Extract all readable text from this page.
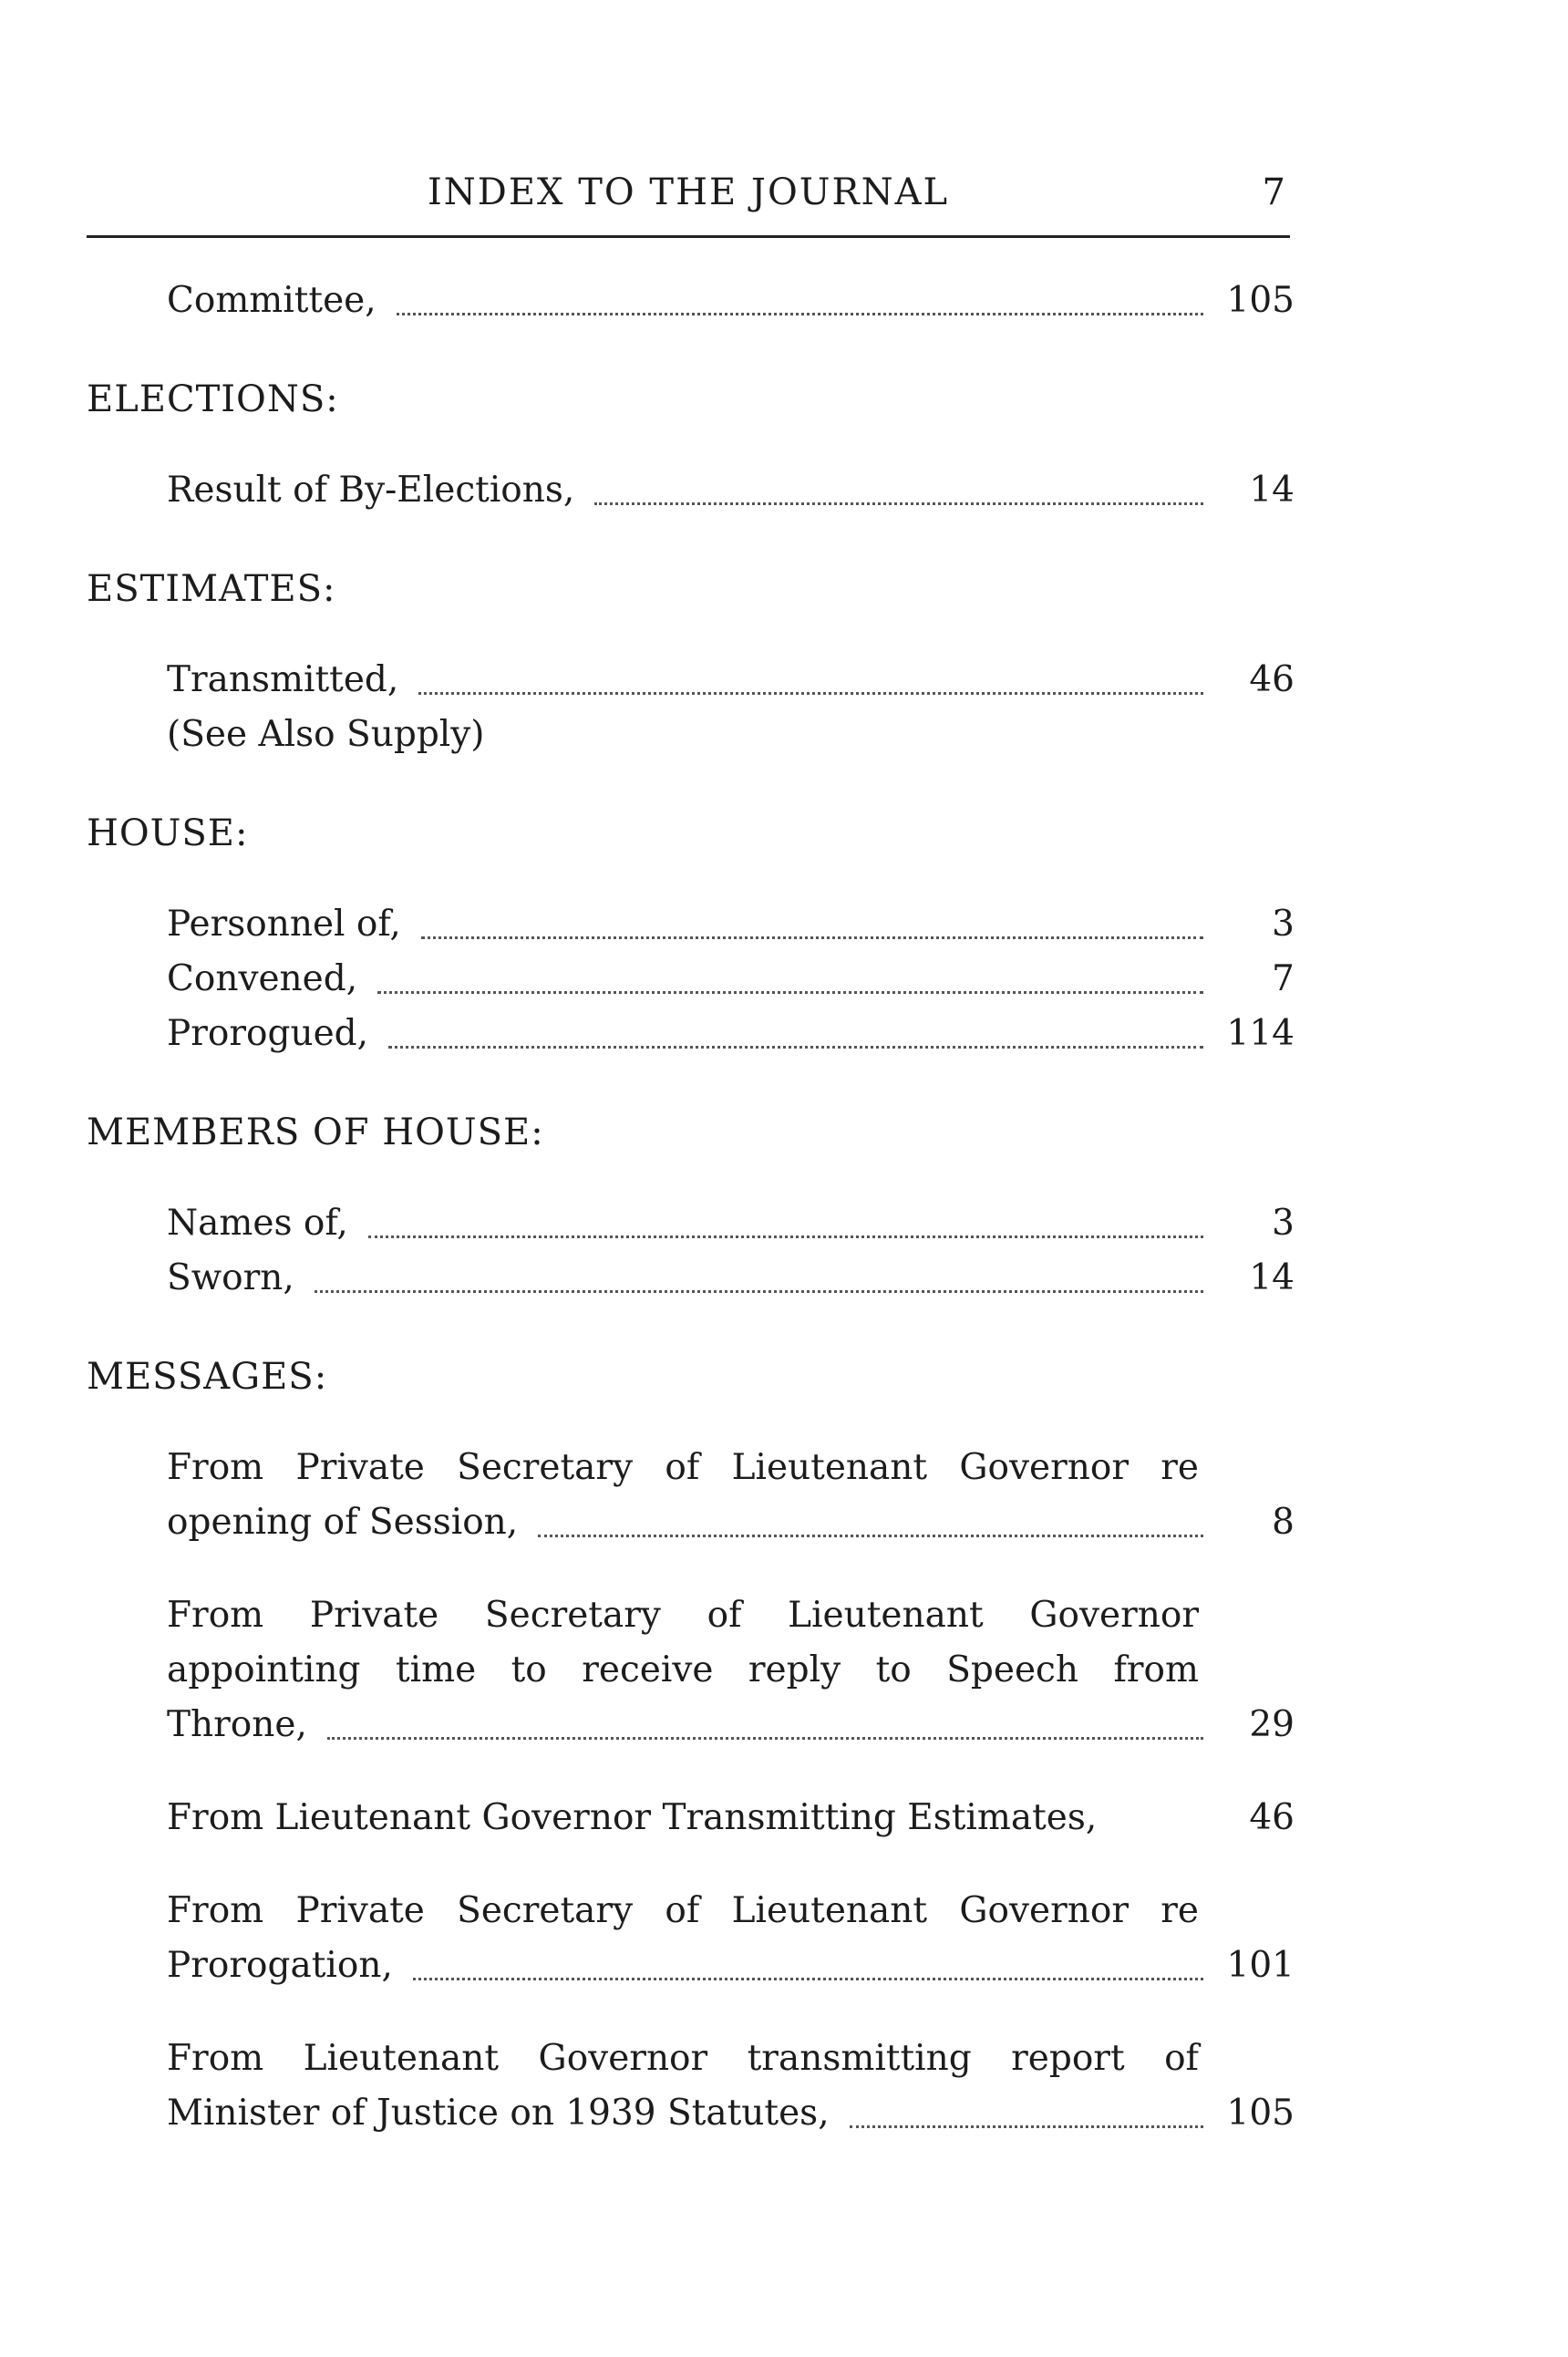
INDEX TO THE JOURNAL	7
Committee,	105
ELECTIONS:
Result of By-Elections,	14
ESTIMATES:
Transmitted,	46
(See Also Supply)
HOUSE:
Personnel of,	3
Convened,	7
Prorogued,	114
MEMBERS OF HOUSE:
Names of,	3
Sworn,	14
MESSAGES:
From Private Secretary of Lieutenant Governor re
opening of Session,	8
From Private Secretary of Lieutenant Governor
appointing time to receive reply to Speech from
Throne,	29
From Lieutenant Governor Transmitting Estimates,	46
From Private Secretary of Lieutenant Governor re
Prorogation,	101
From Lieutenant Governor transmitting report of
Minister of Justice on 1939 Statutes,	105
